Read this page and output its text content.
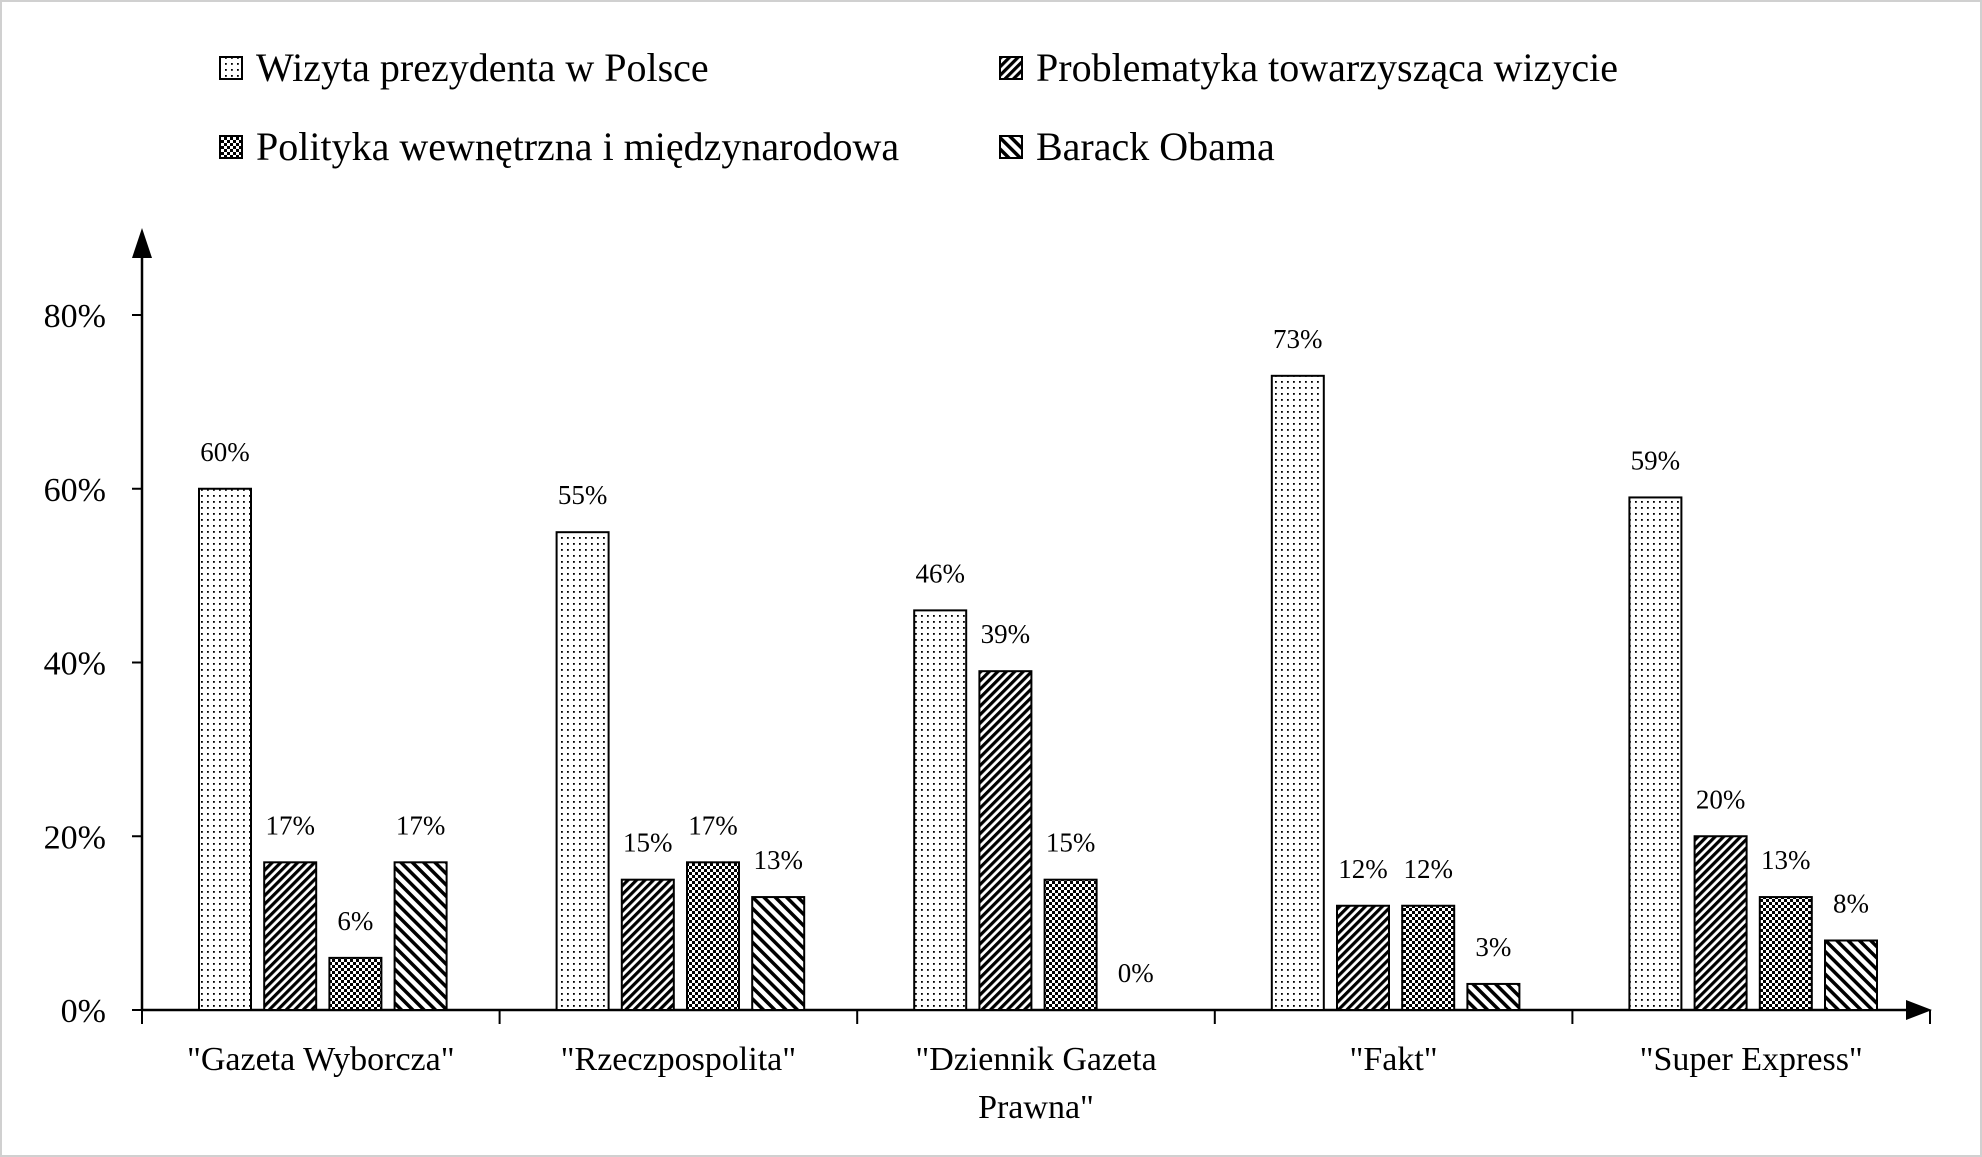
Wizyta prezydenta w Polsce	Problematyka towarzysząca wizycie
Polityka wewnętrzna i międzynarodowa	Barack Obama
0%
20%
40%
60%
80%
"Gazeta Wyborcza"	"Rzeczpospolita"	"Dziennik Gazeta
Prawna"
"Fakt"	"Super Express"
60%
55%
46%
73%
59%
17%
15%
39%
12%
20%
6%
17%
15%
12%	13%
17%
13%
0%
3%
8%
